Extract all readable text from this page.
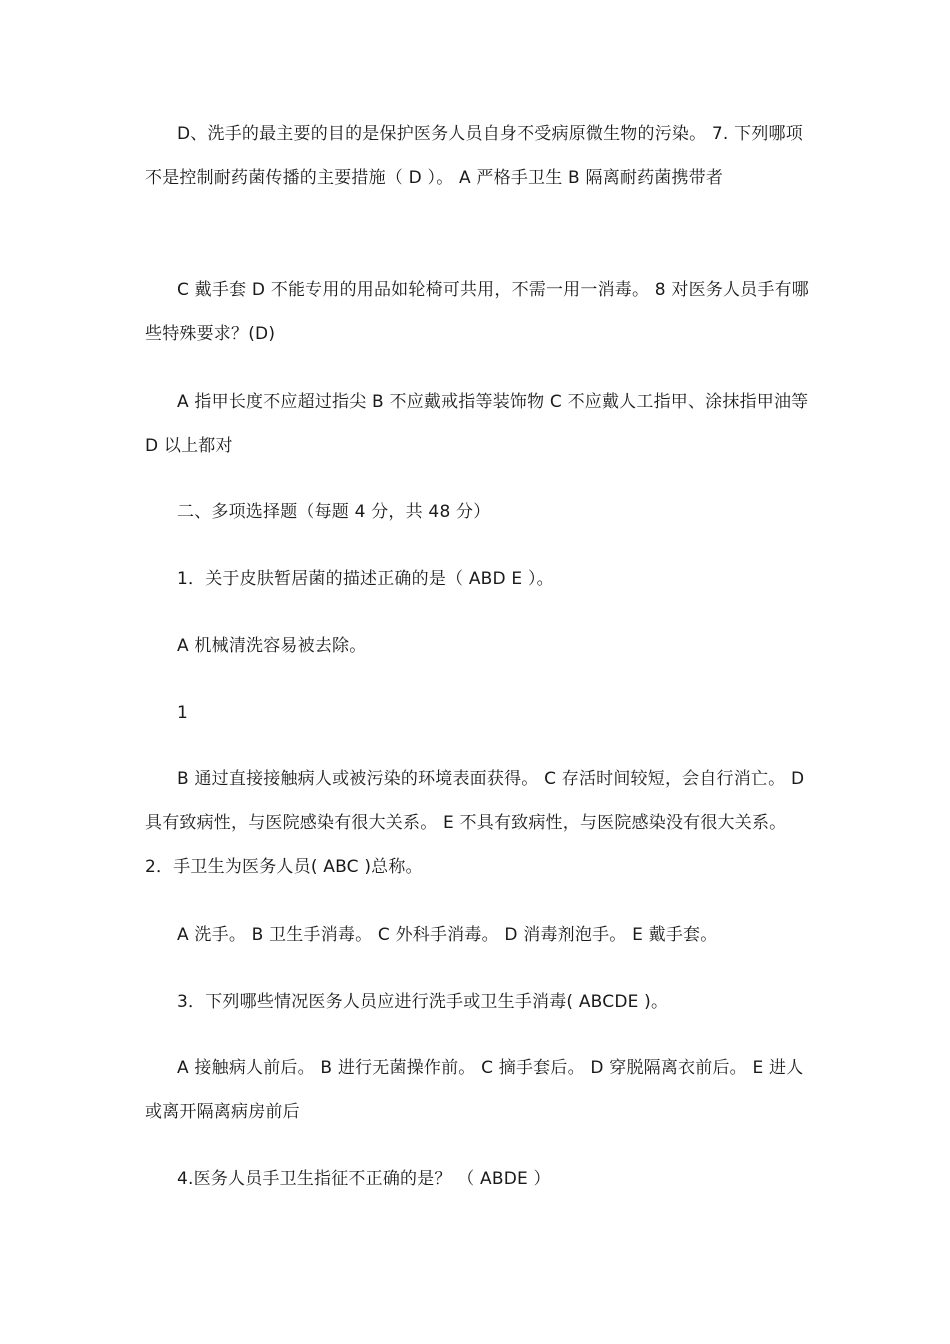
D、洗手的最主要的目的是保护医务人员自身不受病原微生物的污染。 7. 下列哪项不是控制耐药菌传播的主要措施（ D ）。 A 严格手卫生 B 隔离耐药菌携带者

C 戴手套 D 不能专用的用品如轮椅可共用，不需一用一消毒。 8 对医务人员手有哪些特殊要求？(D)

A 指甲长度不应超过指尖 B 不应戴戒指等装饰物 C 不应戴人工指甲、涂抹指甲油等 D 以上都对

二、多项选择题（每题 4 分，共 48 分）

1．关于皮肤暂居菌的描述正确的是（ ABD E ）。

A 机械清洗容易被去除。

1

B 通过直接接触病人或被污染的环境表面获得。 C 存活时间较短，会自行消亡。 D 具有致病性，与医院感染有很大关系。 E 不具有致病性，与医院感染没有很大关系。 2．手卫生为医务人员( ABC )总称。

A 洗手。 B 卫生手消毒。 C 外科手消毒。 D 消毒剂泡手。 E 戴手套。

3．下列哪些情况医务人员应进行洗手或卫生手消毒( ABCDE )。

A 接触病人前后。 B 进行无菌操作前。 C 摘手套后。 D 穿脱隔离衣前后。 E 进人或离开隔离病房前后

4.医务人员手卫生指征不正确的是？ （ ABDE ）
